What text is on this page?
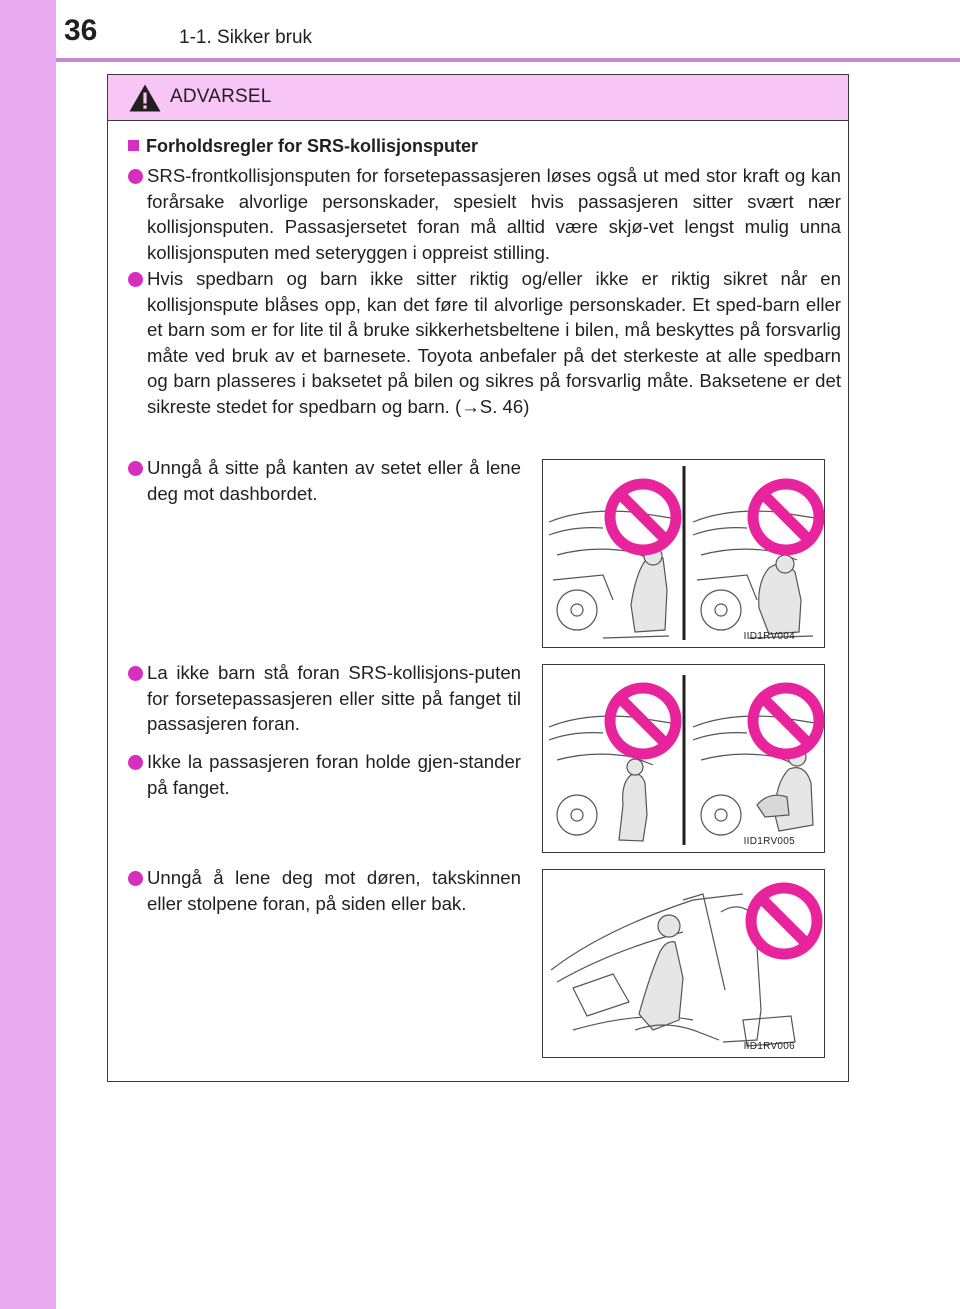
36	1-1. Sikker bruk
ADVARSEL
Forholdsregler for SRS-kollisjonsputer
SRS-frontkollisjonsputen for forsetepassasjeren løses også ut med stor kraft og kan forårsake alvorlige personskader, spesielt hvis passasjeren sitter svært nær kollisjonsputen. Passasjersetet foran må alltid være skjø-vet lengst mulig unna kollisjonsputen med seteryggen i oppreist stilling.
Hvis spedbarn og barn ikke sitter riktig og/eller ikke er riktig sikret når en kollisjonspute blåses opp, kan det føre til alvorlige personskader. Et sped-barn eller et barn som er for lite til å bruke sikkerhetsbeltene i bilen, må beskyttes på forsvarlig måte ved bruk av et barnesete. Toyota anbefaler på det sterkeste at alle spedbarn og barn plasseres i baksetet på bilen og sikres på forsvarlig måte. Baksetene er det sikreste stedet for spedbarn og barn. (→S. 46)
Unngå å sitte på kanten av setet eller å lene deg mot dashbordet.
La ikke barn stå foran SRS-kollisjons-puten for forsetepassasjeren eller sitte på fanget til passasjeren foran.
Ikke la passasjeren foran holde gjen-stander på fanget.
Unngå å lene deg mot døren, takskinnen eller stolpene foran, på siden eller bak.
IID1RV004
IID1RV005
IID1RV006
